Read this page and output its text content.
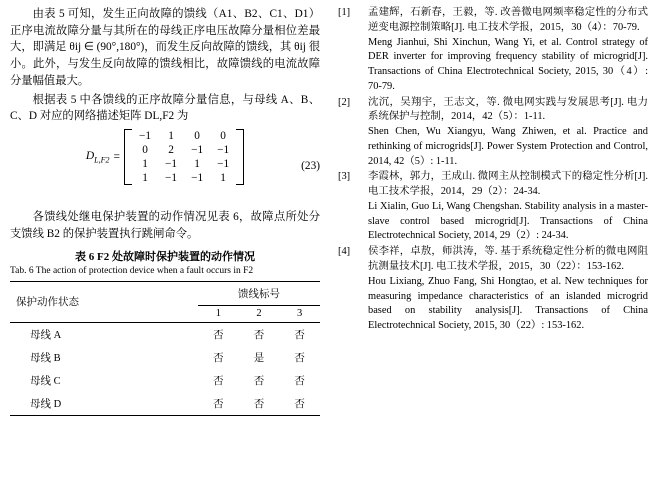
由表 5 可知，发生正向故障的馈线（A1、B2、C1、D1）正序电流故障分量与其所在的母线正序电压故障分量相位差最大，即满足 θij ∈ (90°,180°)，而发生反向故障的馈线，其 θij 很小。此外，与发生反向故障的馈线相比，故障馈线的电流故障分量幅值最大。

根据表 5 中各馈线的正序故障分量信息，与母线 A、B、C、D 对应的网络描述矩阵 DL,F2 为

$D_{L,F2}$ =
−1	1	0	0
0	2	−1	−1
1	−1	1	−1
1	−1	−1	1
(23)

各馈线处继电保护装置的动作情况见表 6，故障点所处分支馈线 B2 的保护装置执行跳闸命令。

表 6 F2 处故障时保护装置的动作情况
Tab. 6 The action of protection device when a fault occurs in F2
保护动作状态	馈线标号		
	1	2	3
母线 A	否	否	否
母线 B	否	是	否
母线 C	否	否	否
母线 D	否	否	否
[1]	孟建辉，石新春，王毅，等. 改善微电网频率稳定性的分布式逆变电源控制策略[J]. 电工技术学报，2015，30（4）：70-79.
Meng Jianhui, Shi Xinchun, Wang Yi, et al. Control strategy of DER inverter for improving frequency stability of microgrid[J]. Transactions of China Electrotechnical Society, 2015, 30（4）: 70-79.
[2]	沈沉，吴翔宇，王志文，等. 微电网实践与发展思考[J]. 电力系统保护与控制，2014，42（5）：1-11.
Shen Chen, Wu Xiangyu, Wang Zhiwen, et al. Practice and rethinking of microgrids[J]. Power System Protection and Control, 2014, 42（5）: 1-11.
[3]	李霞林，郭力，王成山. 微网主从控制模式下的稳定性分析[J]. 电工技术学报，2014，29（2）：24-34.
Li Xialin, Guo Li, Wang Chengshan. Stability analysis in a master-slave control based microgrid[J]. Transactions of China Electrotechnical Society, 2014, 29（2）: 24-34.
[4]	侯李祥，卓敖，师洪涛，等. 基于系统稳定性分析的微电网阻抗测量技术[J]. 电工技术学报，2015，30（22）：153-162.
Hou Lixiang, Zhuo Fang, Shi Hongtao, et al. New techniques for measuring impedance characteristics of an islanded microgrid based on stability analysis[J]. Transactions of China Electrotechnical Society, 2015, 30（22）: 153-162.
